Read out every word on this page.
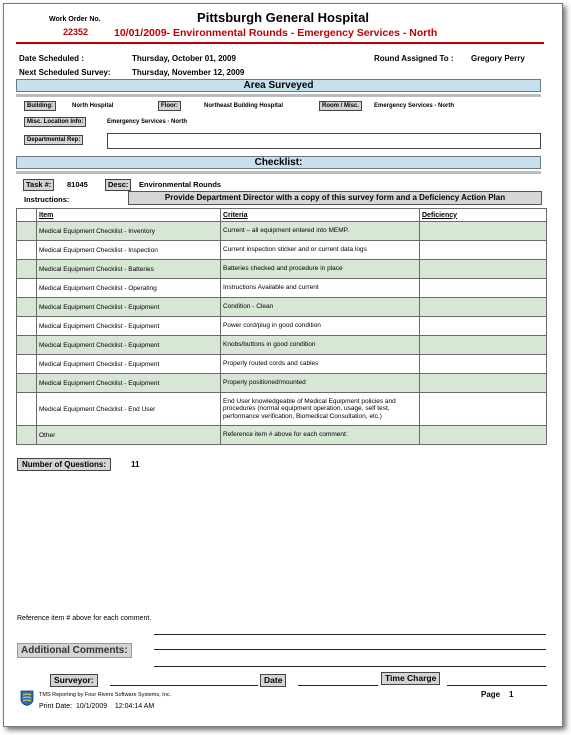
Work Order No.
22352
Pittsburgh General Hospital
10/01/2009- Environmental Rounds - Emergency Services - North
Date Scheduled :	Thursday, October 01, 2009	Round Assigned To : Gregory Perry
Next Scheduled Survey:	Thursday, November 12, 2009
Area Surveyed
Building:	North Hospital	Floor:	Northeast Building Hospital	Room / Misc.	Emergency Services - North
Misc. Location Info:	Emergency Services - North
Departmental Rep:
Checklist:
Task #:	81045	Desc:	Environmental Rounds
Instructions:	Provide Department Director with a copy of this survey form and a Deficiency Action Plan
	Item	Criteria	Deficiency
	Medical Equipment Checklist - Inventory	Current – all equipment entered into MEMP.	
	Medical Equipment Checklist - Inspection	Current inspection sticker and or current data logs	
	Medical Equipment Checklist - Batteries	Batteries checked and procedure in place	
	Medical Equipment Checklist - Operating	Instructions Available and current	
	Medical Equipment Checklist - Equipment	Condition - Clean	
	Medical Equipment Checklist - Equipment	Power cord/plug in good condition	
	Medical Equipment Checklist - Equipment	Knobs/buttons in good condition	
	Medical Equipment Checklist - Equipment	Properly routed cords and cables	
	Medical Equipment Checklist - Equipment	Properly positioned/mounted	
	Medical Equipment Checklist - End User	End User knowledgeable of Medical Equipment policies and procedures (normal equipment operation, usage, self test, performance verification, Biomedical Consultation, etc.)	
	Other	Reference item # above for each comment:	
Number of Questions:	11
Reference item # above for each comment.
Additional Comments:
Surveyor:	Date	Time Charge
TMS Reporting by Four Rivers Software Systems, Inc.
Print Date: 10/1/2009 12:04:14 AM
Page 1
